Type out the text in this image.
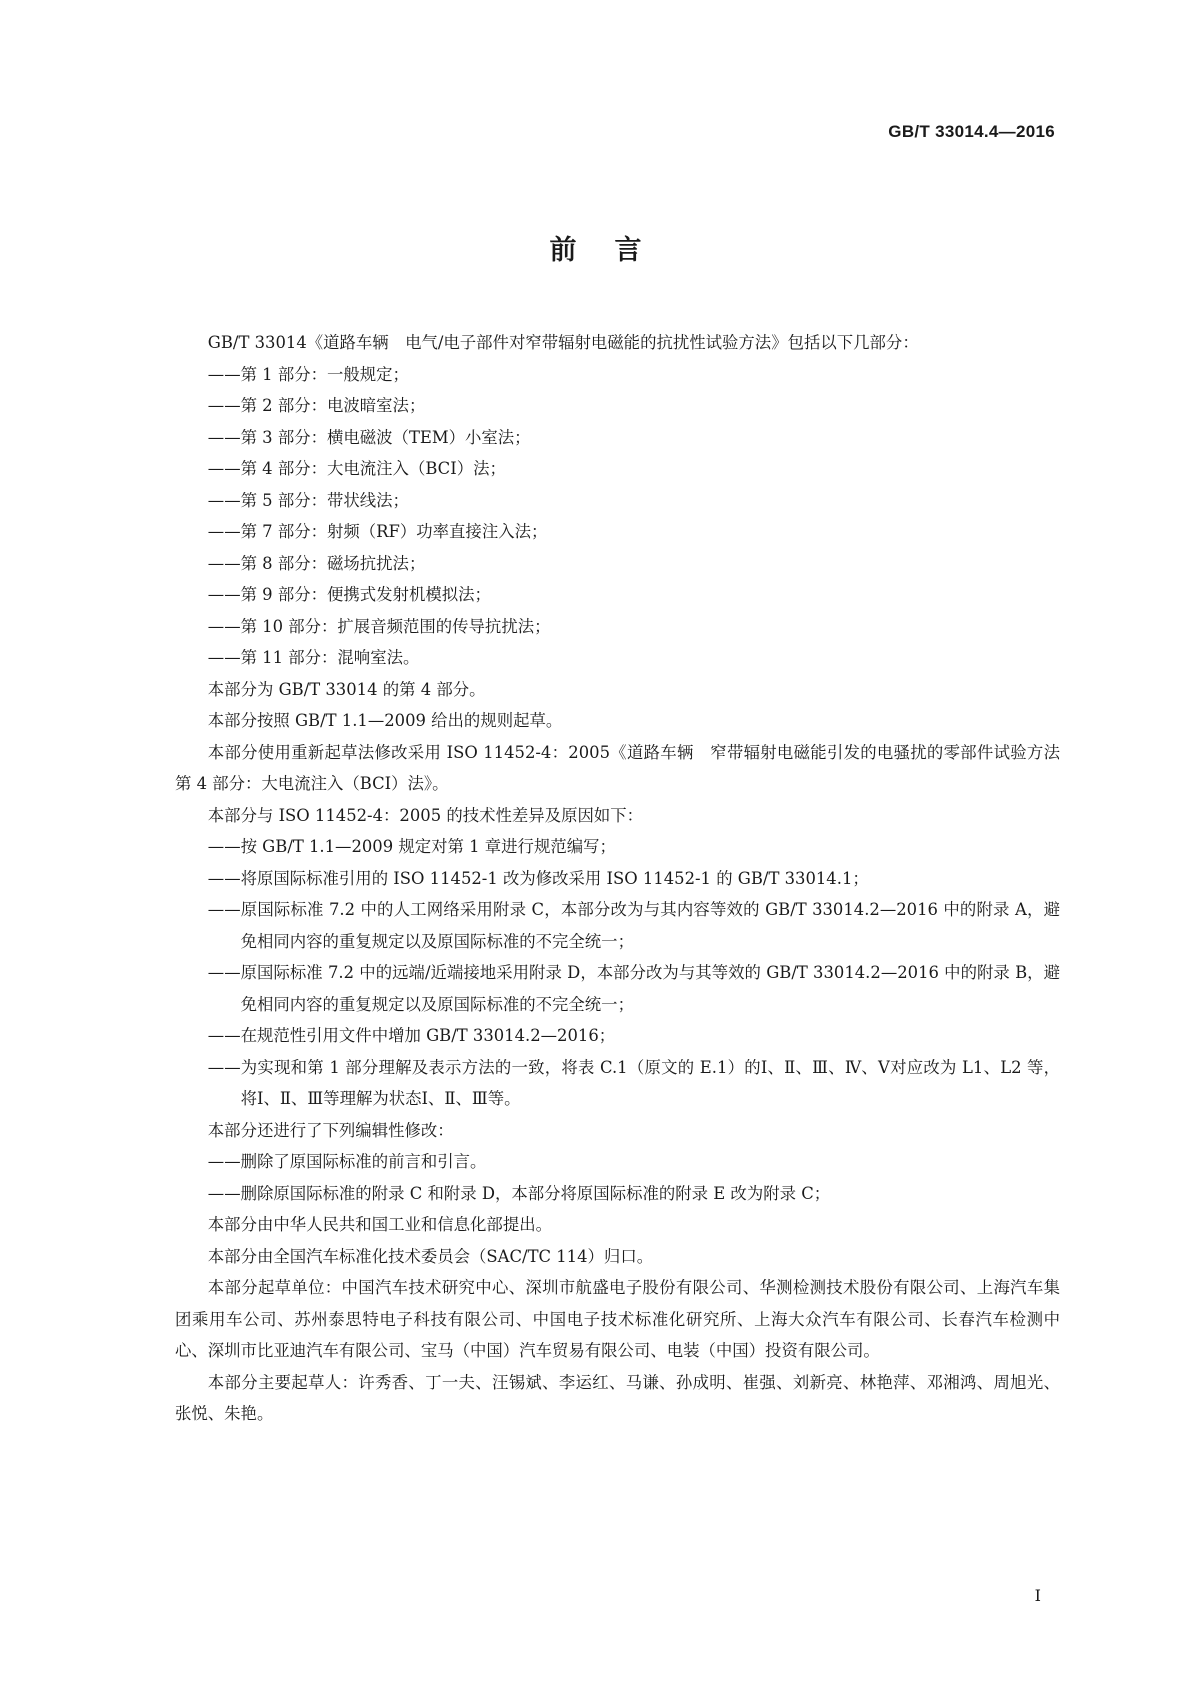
GB/T 33014.4—2016
前言

GB/T 33014《道路车辆　电气/电子部件对窄带辐射电磁能的抗扰性试验方法》包括以下几部分：

——第 1 部分：一般规定；

——第 2 部分：电波暗室法；

——第 3 部分：横电磁波（TEM）小室法；

——第 4 部分：大电流注入（BCI）法；

——第 5 部分：带状线法；

——第 7 部分：射频（RF）功率直接注入法；

——第 8 部分：磁场抗扰法；

——第 9 部分：便携式发射机模拟法；

——第 10 部分：扩展音频范围的传导抗扰法；

——第 11 部分：混响室法。

本部分为 GB/T 33014 的第 4 部分。

本部分按照 GB/T 1.1—2009 给出的规则起草。

本部分使用重新起草法修改采用 ISO 11452-4：2005《道路车辆　窄带辐射电磁能引发的电骚扰的零部件试验方法　第 4 部分：大电流注入（BCI）法》。

本部分与 ISO 11452-4：2005 的技术性差异及原因如下：

——按 GB/T 1.1—2009 规定对第 1 章进行规范编写；

——将原国际标准引用的 ISO 11452-1 改为修改采用 ISO 11452-1 的 GB/T 33014.1；

——原国际标准 7.2 中的人工网络采用附录 C，本部分改为与其内容等效的 GB/T 33014.2—2016 中的附录 A，避免相同内容的重复规定以及原国际标准的不完全统一；

——原国际标准 7.2 中的远端/近端接地采用附录 D，本部分改为与其等效的 GB/T 33014.2—2016 中的附录 B，避免相同内容的重复规定以及原国际标准的不完全统一；

——在规范性引用文件中增加 GB/T 33014.2—2016；

——为实现和第 1 部分理解及表示方法的一致，将表 C.1（原文的 E.1）的Ⅰ、Ⅱ、Ⅲ、Ⅳ、Ⅴ对应改为 L1、L2 等，将Ⅰ、Ⅱ、Ⅲ等理解为状态Ⅰ、Ⅱ、Ⅲ等。

本部分还进行了下列编辑性修改：

——删除了原国际标准的前言和引言。

——删除原国际标准的附录 C 和附录 D，本部分将原国际标准的附录 E 改为附录 C；

本部分由中华人民共和国工业和信息化部提出。

本部分由全国汽车标准化技术委员会（SAC/TC 114）归口。

本部分起草单位：中国汽车技术研究中心、深圳市航盛电子股份有限公司、华测检测技术股份有限公司、上海汽车集团乘用车公司、苏州泰思特电子科技有限公司、中国电子技术标准化研究所、上海大众汽车有限公司、长春汽车检测中心、深圳市比亚迪汽车有限公司、宝马（中国）汽车贸易有限公司、电装（中国）投资有限公司。

本部分主要起草人：许秀香、丁一夫、汪锡斌、李运红、马谦、孙成明、崔强、刘新亮、林艳萍、邓湘鸿、周旭光、张悦、朱艳。

I
